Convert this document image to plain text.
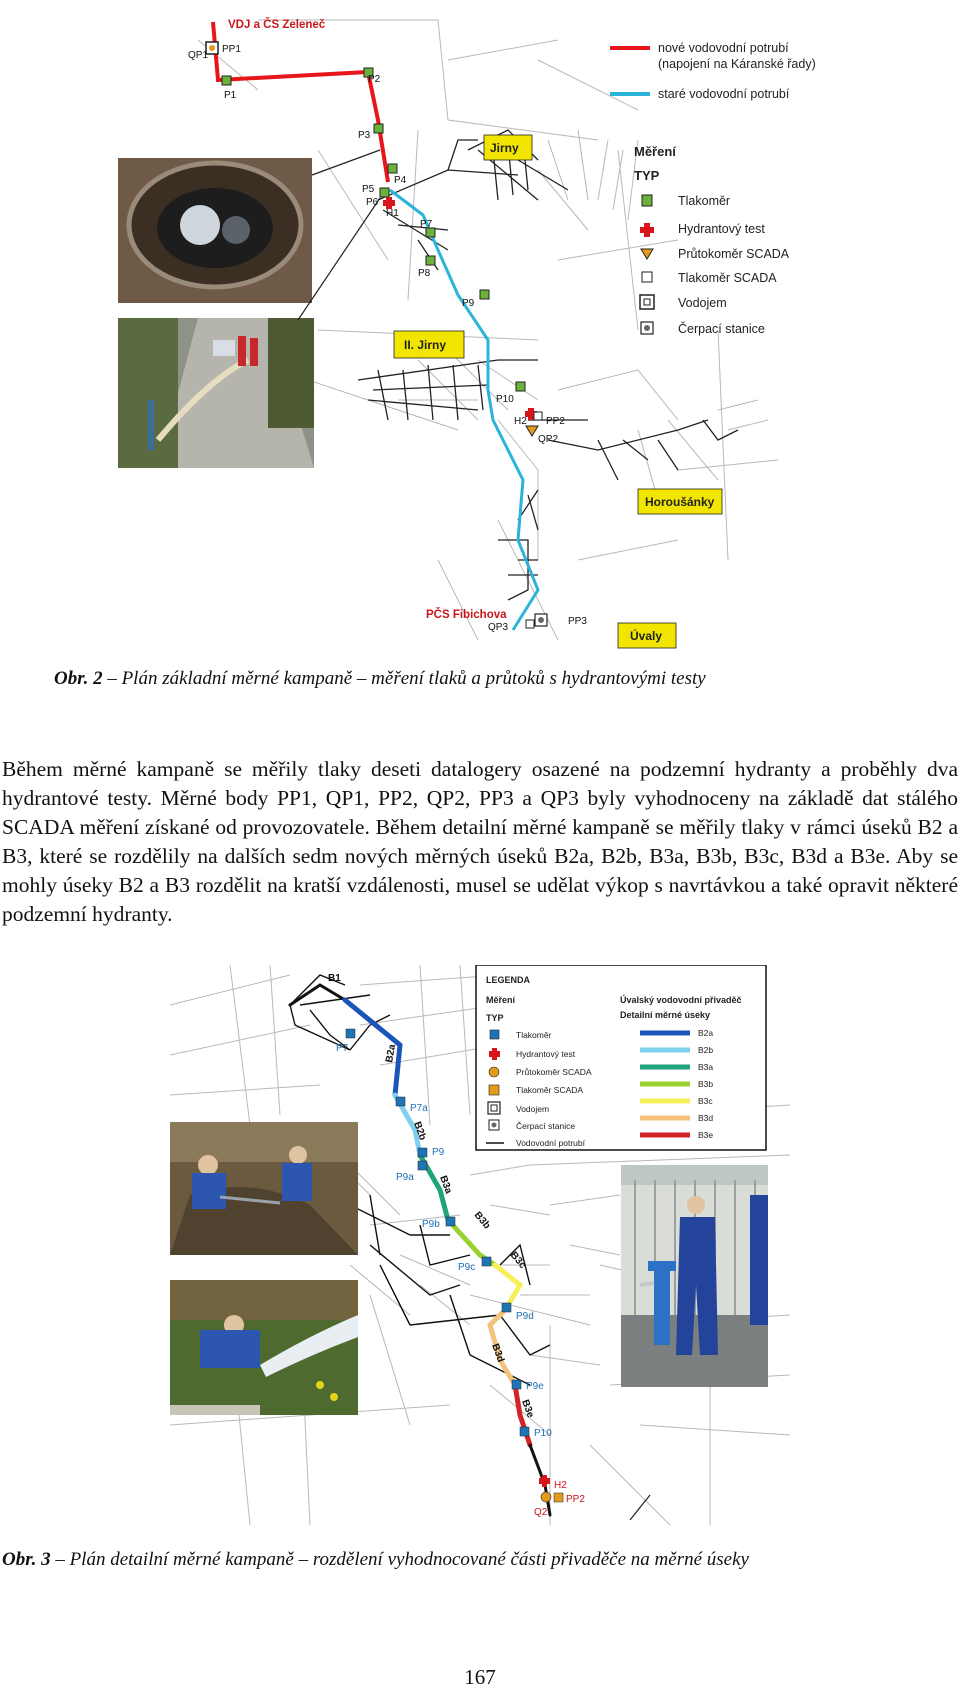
nové vodovodní potrubí
(napojení na Káranské řady)
staré vodovodní potrubí
Měření
TYP
Tlakoměr
Hydrantový test
Průtokoměr SCADA
Tlakoměr SCADA
Vodojem
Čerpací stanice
VDJ a ČS Zeleneč
Jirny
II. Jirny
Horoušánky
PČS Fibichova
Úvaly
QP1
PP1
P1
P2
P3
P4
P5
P6
H1
P7
P8
P9
P10
H2 PP2
QP2
QP3
PP3
Obr. 2 – Plán základní měrné kampaně – měření tlaků a průtoků s hydrantovými testy

Během měrné kampaně se měřily tlaky deseti datalogery osazené na podzemní hydranty a proběhly dva hydrantové testy. Měrné body PP1, QP1, PP2, QP2, PP3 a QP3 byly vyhodnoceny na základě dat stálého SCADA měření získané od provozovatele. Během detailní měrné kampaně se měřily tlaky v rámci úseků B2 a B3, které se rozdělily na dalších sedm nových měrných úseků B2a, B2b, B3a, B3b, B3c, B3d a B3e. Aby se mohly úseky B2 a B3 rozdělit na kratší vzdálenosti, musel se udělat výkop s navrtávkou a také opravit některé podzemní hydranty.

LEGENDA
Měření
TYP
Tlakoměr
Hydrantový test
Průtokoměr SCADA
Tlakoměr SCADA
Vodojem
Čerpací stanice
Vodovodní potrubí
Úvalský vodovodní přivaděč
Detailní měrné úseky
B2a
B2b
B3a
B3b
B3c
B3d
B3e
B1
P7	B2a
P7a
B2b
P9
P9a B3a
P9b	B3b
P9c	B3c
P9d
B3d
P9e
B3e
P10
H2
PP2
Q2
Obr. 3 – Plán detailní měrné kampaně – rozdělení vyhodnocované části přivaděče na měrné úseky
167
